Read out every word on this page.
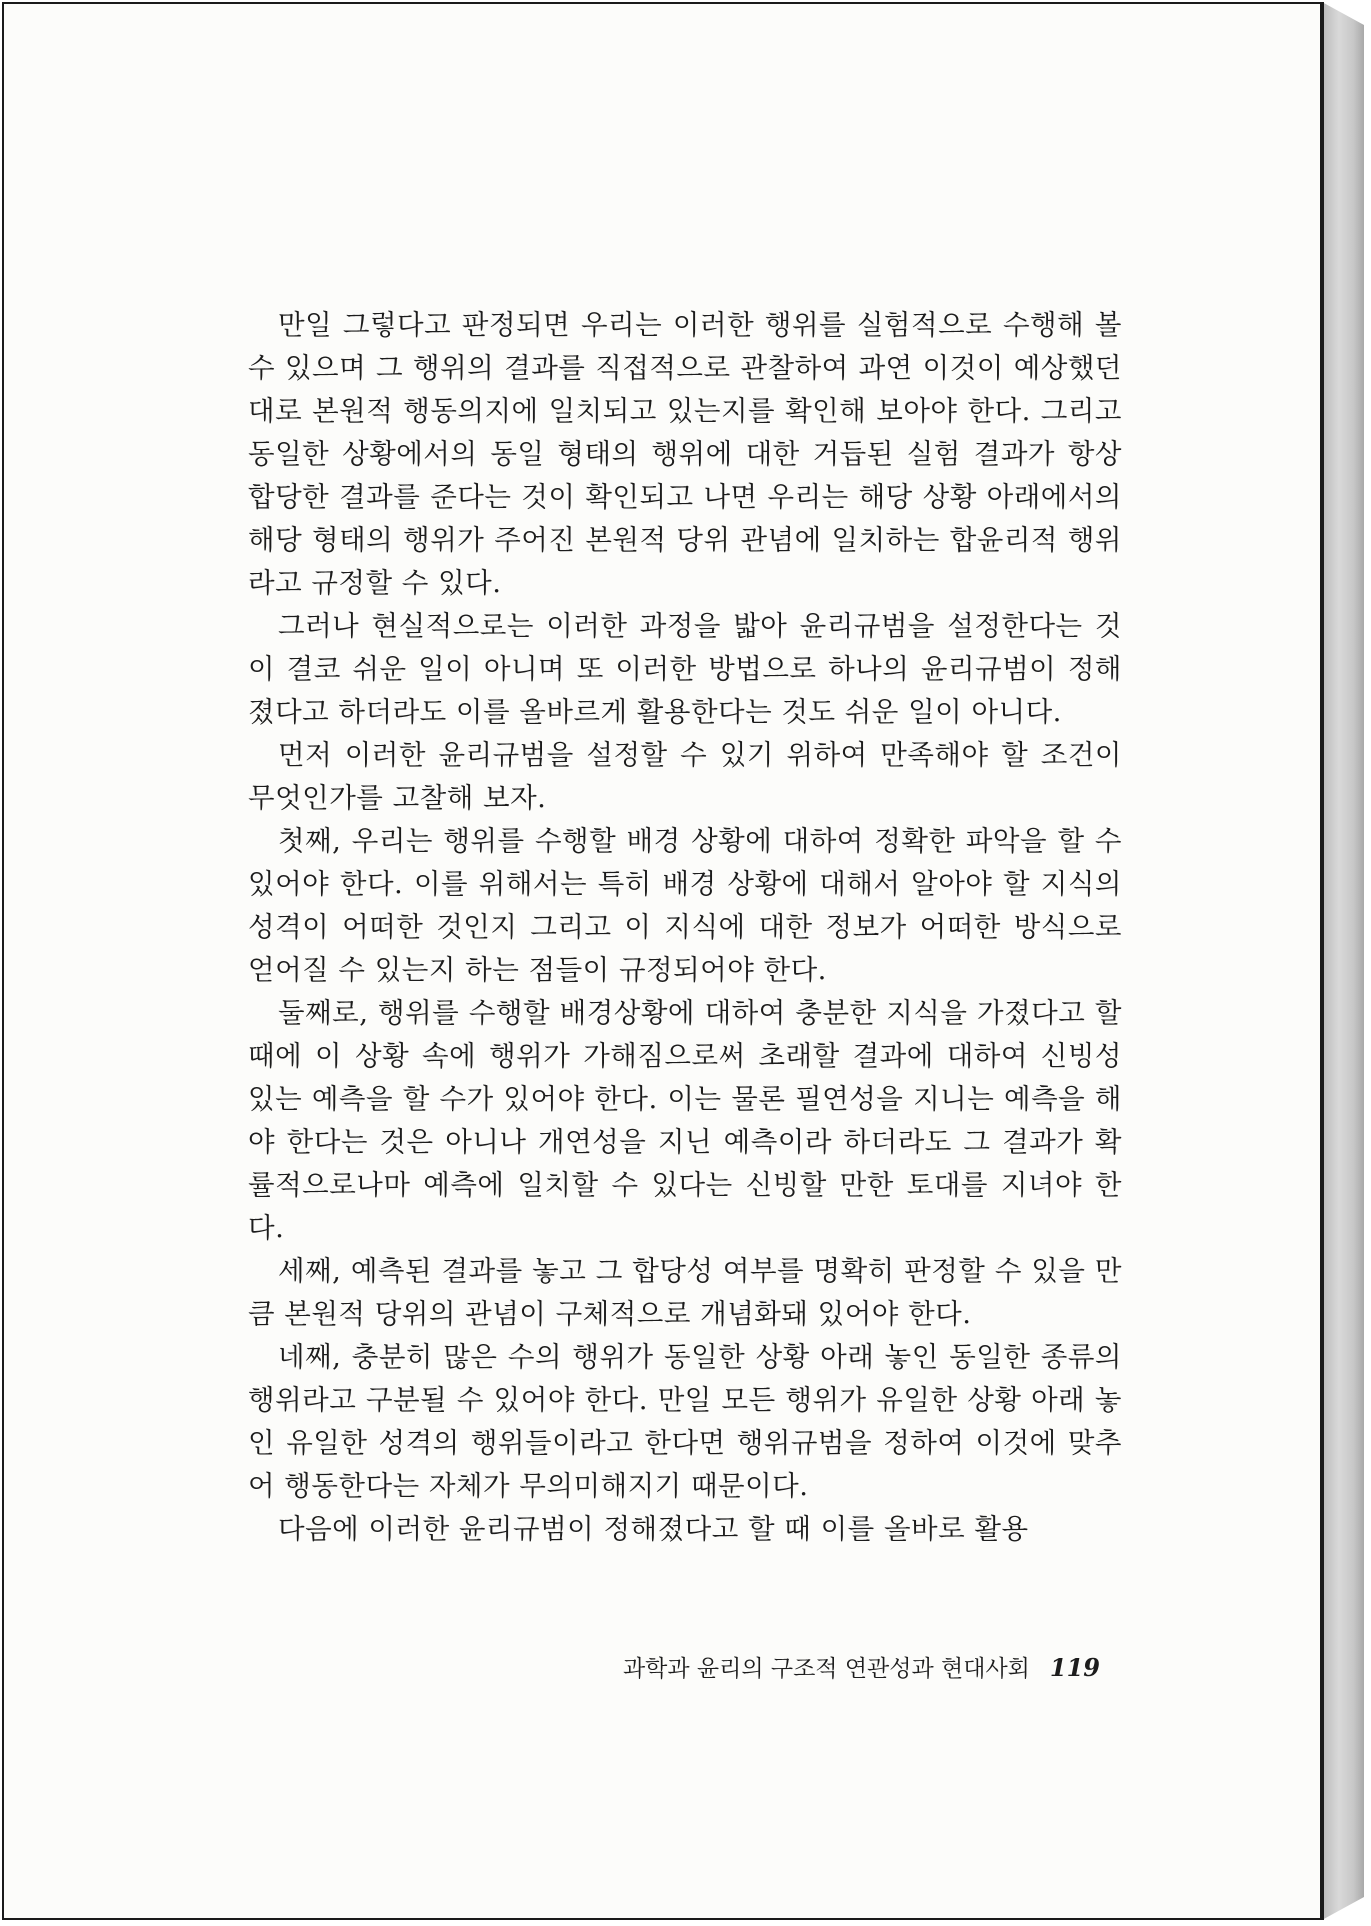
만일 그렇다고 판정되면 우리는 이러한 행위를 실험적으로 수행해 볼 수 있으며 그 행위의 결과를 직접적으로 관찰하여 과연 이것이 예상했던 대로 본원적 행동의지에 일치되고 있는지를 확인해 보아야 한다. 그리고 동일한 상황에서의 동일 형태의 행위에 대한 거듭된 실험 결과가 항상 합당한 결과를 준다는 것이 확인되고 나면 우리는 해당 상황 아래에서의 해당 형태의 행위가 주어진 본원적 당위 관념에 일치하는 합윤리적 행위라고 규정할 수 있다.

그러나 현실적으로는 이러한 과정을 밟아 윤리규범을 설정한다는 것이 결코 쉬운 일이 아니며 또 이러한 방법으로 하나의 윤리규범이 정해졌다고 하더라도 이를 올바르게 활용한다는 것도 쉬운 일이 아니다.

먼저 이러한 윤리규범을 설정할 수 있기 위하여 만족해야 할 조건이 무엇인가를 고찰해 보자.

첫째, 우리는 행위를 수행할 배경 상황에 대하여 정확한 파악을 할 수 있어야 한다. 이를 위해서는 특히 배경 상황에 대해서 알아야 할 지식의 성격이 어떠한 것인지 그리고 이 지식에 대한 정보가 어떠한 방식으로 얻어질 수 있는지 하는 점들이 규정되어야 한다.

둘째로, 행위를 수행할 배경상황에 대하여 충분한 지식을 가졌다고 할 때에 이 상황 속에 행위가 가해짐으로써 초래할 결과에 대하여 신빙성 있는 예측을 할 수가 있어야 한다. 이는 물론 필연성을 지니는 예측을 해야 한다는 것은 아니나 개연성을 지닌 예측이라 하더라도 그 결과가 확률적으로나마 예측에 일치할 수 있다는 신빙할 만한 토대를 지녀야 한다.

세째, 예측된 결과를 놓고 그 합당성 여부를 명확히 판정할 수 있을 만큼 본원적 당위의 관념이 구체적으로 개념화돼 있어야 한다.

네째, 충분히 많은 수의 행위가 동일한 상황 아래 놓인 동일한 종류의 행위라고 구분될 수 있어야 한다. 만일 모든 행위가 유일한 상황 아래 놓인 유일한 성격의 행위들이라고 한다면 행위규범을 정하여 이것에 맞추어 행동한다는 자체가 무의미해지기 때문이다.

다음에 이러한 윤리규범이 정해졌다고 할 때 이를 올바로 활용

과학과 윤리의 구조적 연관성과 현대사회 119
